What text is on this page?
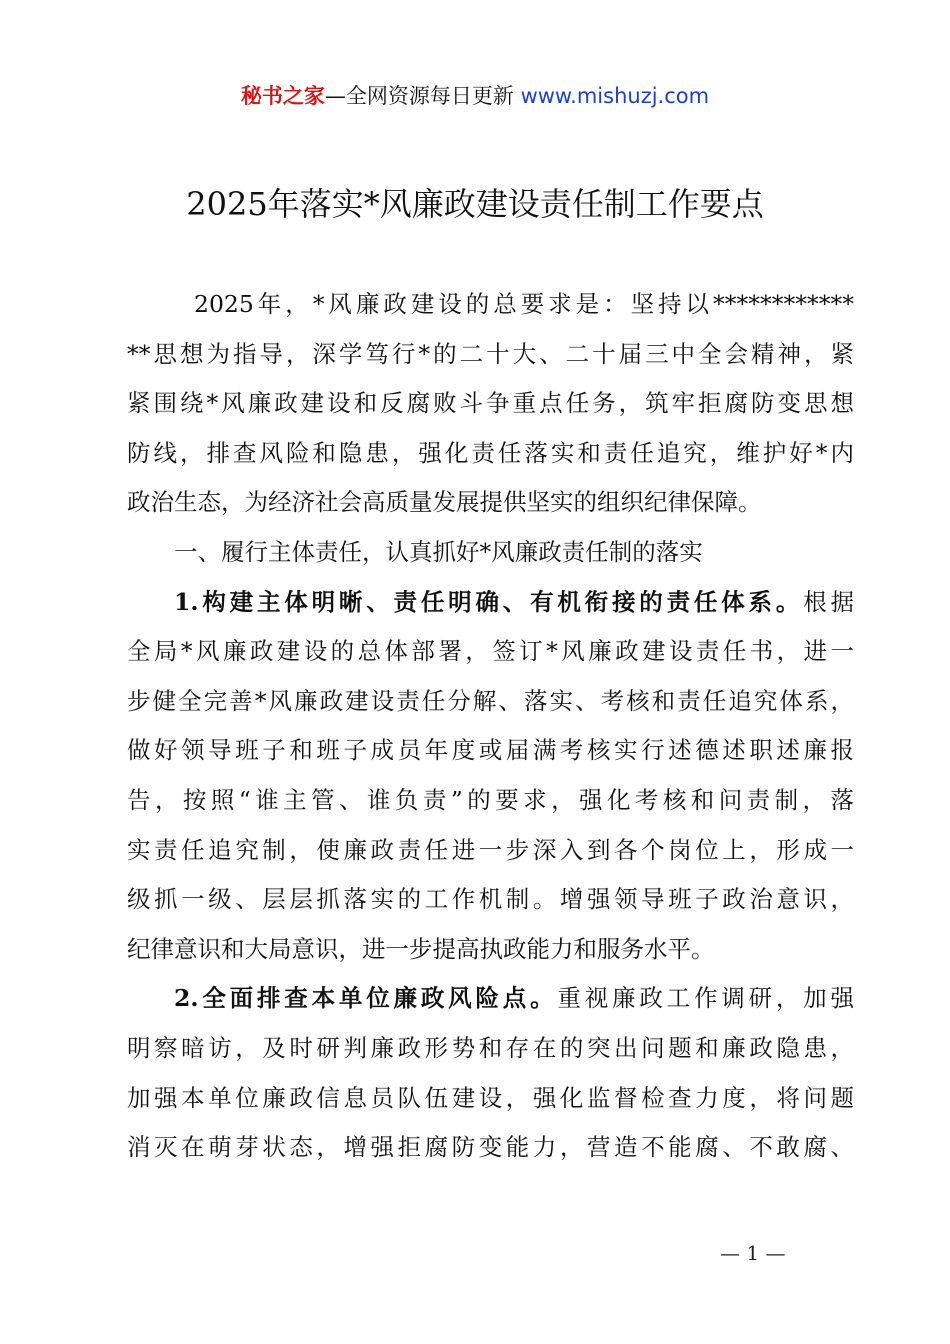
秘书之家—全网资源每日更新 www.mishuzj.com
2025年落实*风廉政建设责任制工作要点
2025年，*风廉政建设的总要求是：坚持以************
**思想为指导，深学笃行*的二十大、二十届三中全会精神，紧
紧围绕*风廉政建设和反腐败斗争重点任务，筑牢拒腐防变思想
防线，排查风险和隐患，强化责任落实和责任追究，维护好*内
政治生态，为经济社会高质量发展提供坚实的组织纪律保障。
一、履行主体责任，认真抓好*风廉政责任制的落实
1.构建主体明晰、责任明确、有机衔接的责任体系。根据
全局*风廉政建设的总体部署，签订*风廉政建设责任书，进一
步健全完善*风廉政建设责任分解、落实、考核和责任追究体系，
做好领导班子和班子成员年度或届满考核实行述德述职述廉报
告，按照“谁主管、谁负责”的要求，强化考核和问责制，落
实责任追究制，使廉政责任进一步深入到各个岗位上，形成一
级抓一级、层层抓落实的工作机制。增强领导班子政治意识，
纪律意识和大局意识，进一步提高执政能力和服务水平。
2.全面排查本单位廉政风险点。重视廉政工作调研，加强
明察暗访，及时研判廉政形势和存在的突出问题和廉政隐患，
加强本单位廉政信息员队伍建设，强化监督检查力度，将问题
消灭在萌芽状态，增强拒腐防变能力，营造不能腐、不敢腐、
— 1 —
